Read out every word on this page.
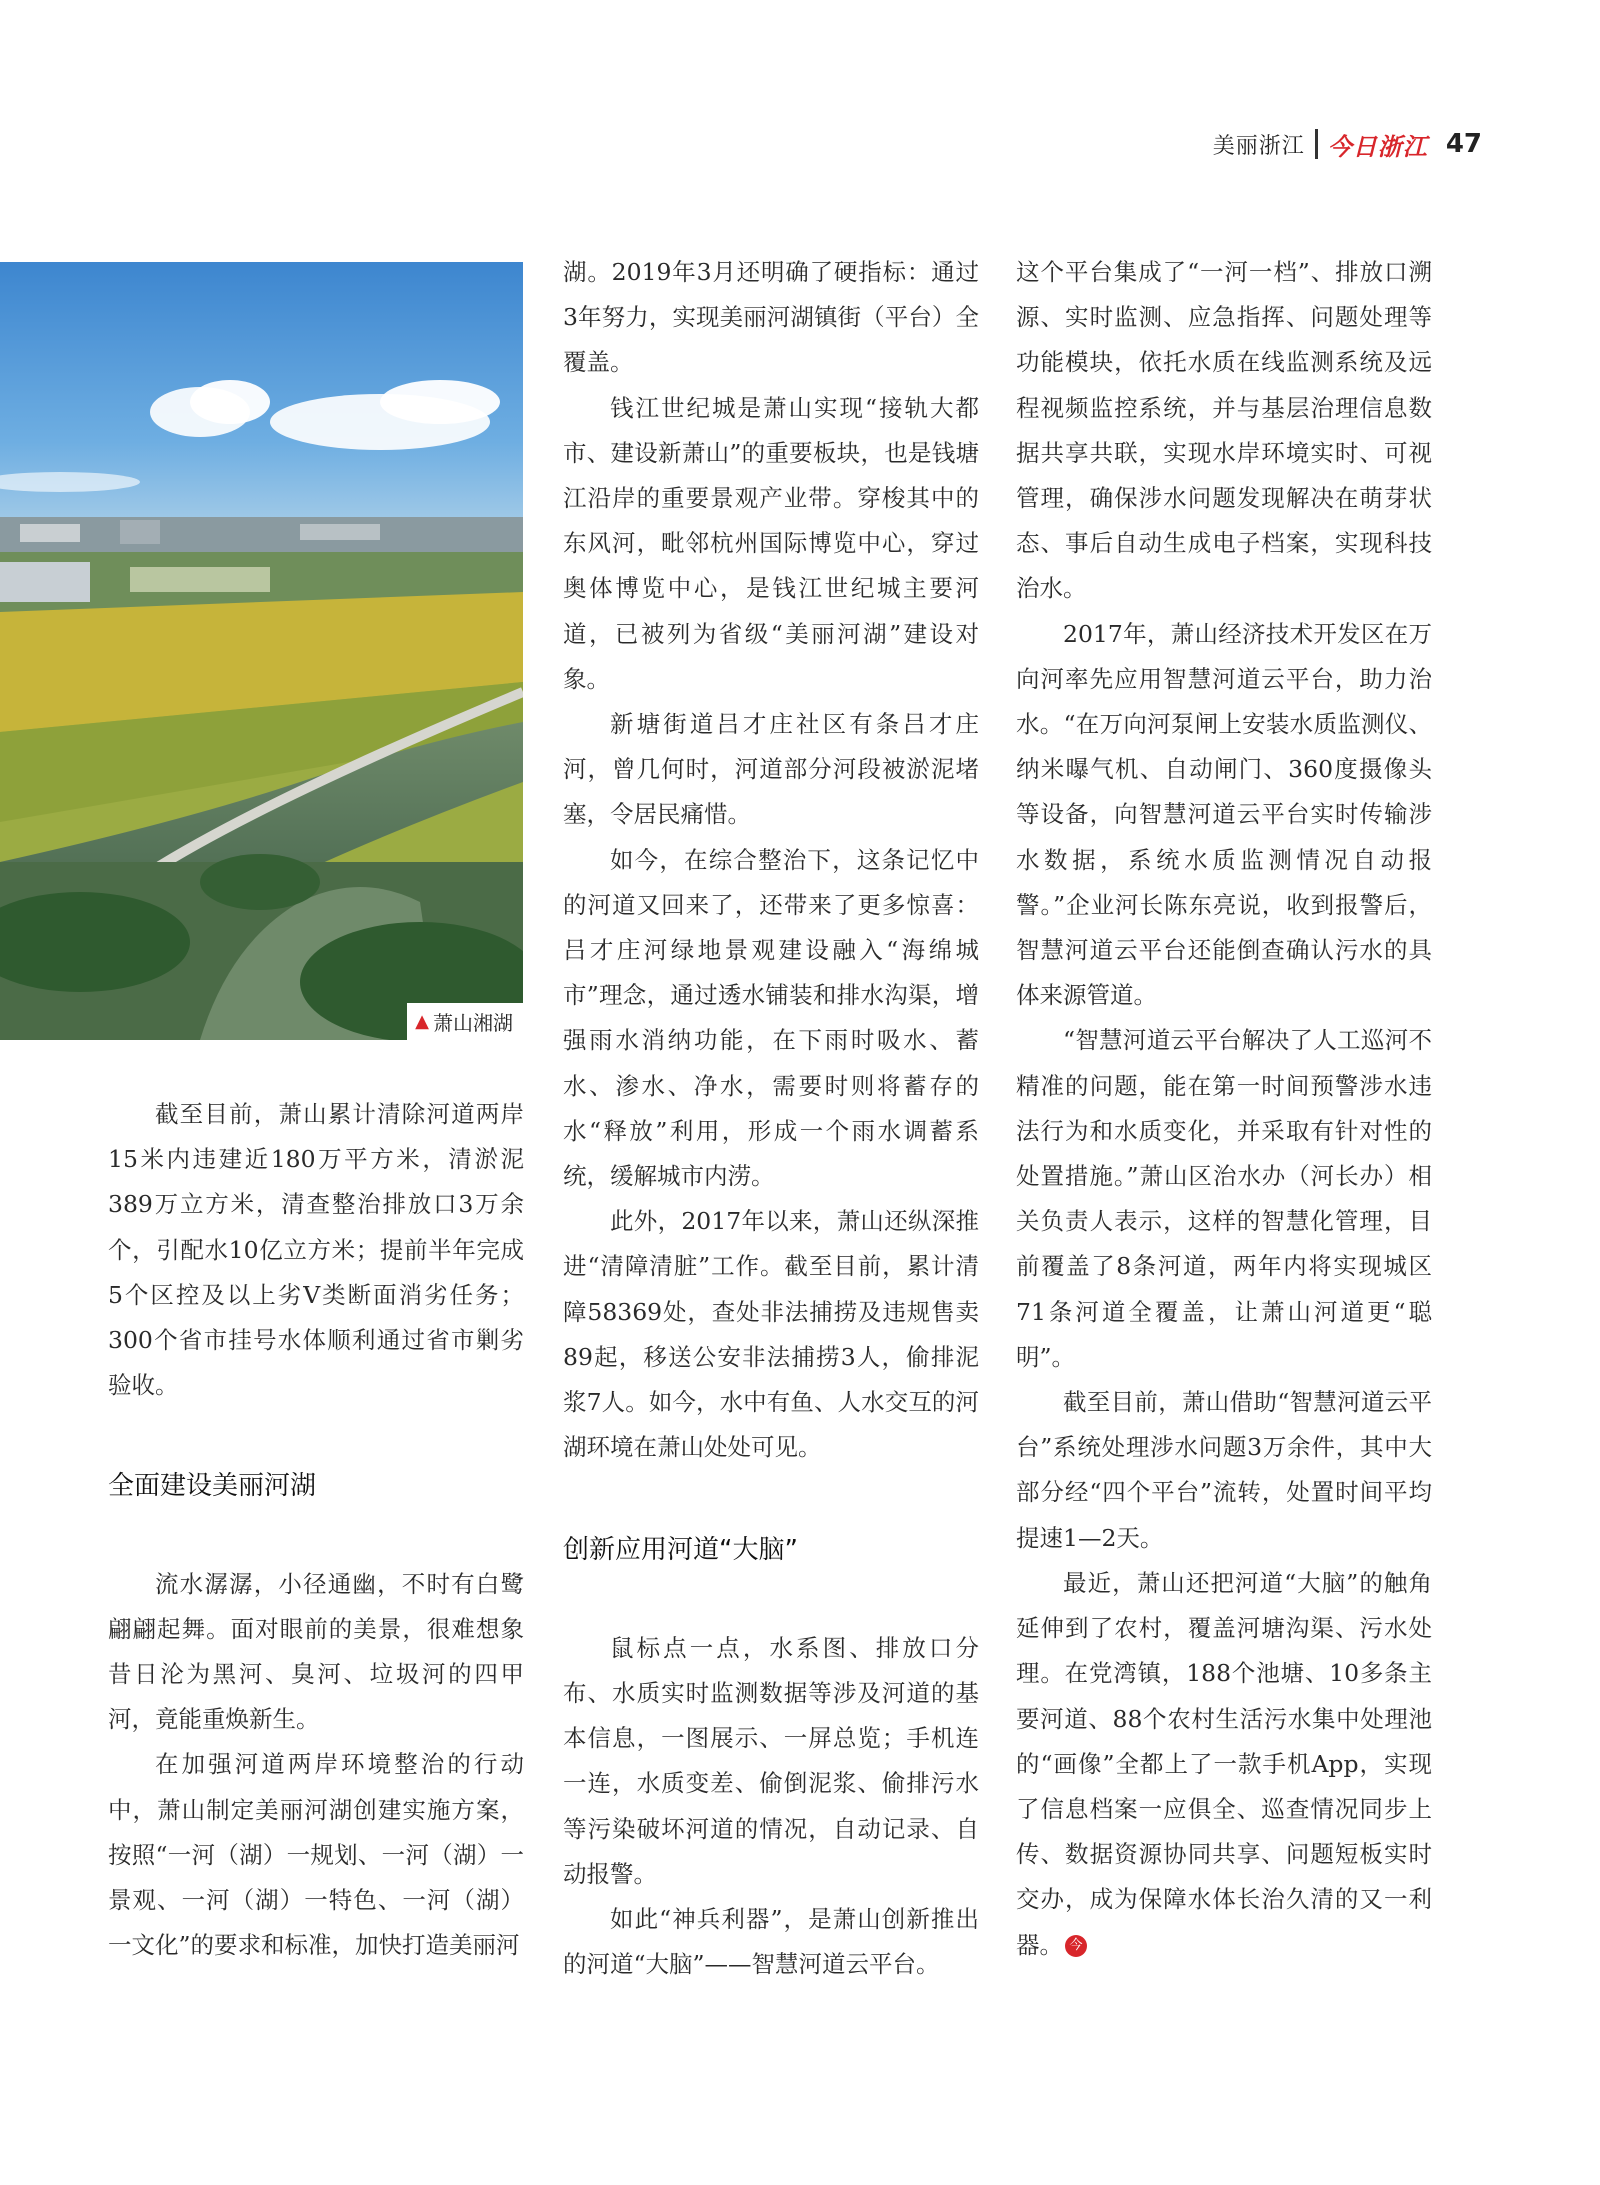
美丽浙江 今日浙江 47
▲ 萧山湘湖

截至目前，萧山累计清除河道两岸15米内违建近180万平方米，清淤泥389万立方米，清查整治排放口3万余个，引配水10亿立方米；提前半年完成5个区控及以上劣Ⅴ类断面消劣任务；300个省市挂号水体顺利通过省市剿劣验收。

全面建设美丽河湖

流水潺潺，小径通幽，不时有白鹭翩翩起舞。面对眼前的美景，很难想象昔日沦为黑河、臭河、垃圾河的四甲河，竟能重焕新生。

在加强河道两岸环境整治的行动中，萧山制定美丽河湖创建实施方案，按照“一河（湖）一规划、一河（湖）一景观、一河（湖）一特色、一河（湖）一文化”的要求和标准，加快打造美丽河

湖。2019年3月还明确了硬指标：通过3年努力，实现美丽河湖镇街（平台）全覆盖。

钱江世纪城是萧山实现“接轨大都市、建设新萧山”的重要板块，也是钱塘江沿岸的重要景观产业带。穿梭其中的东风河，毗邻杭州国际博览中心，穿过奥体博览中心，是钱江世纪城主要河道，已被列为省级“美丽河湖”建设对象。

新塘街道吕才庄社区有条吕才庄河，曾几何时，河道部分河段被淤泥堵塞，令居民痛惜。

如今，在综合整治下，这条记忆中的河道又回来了，还带来了更多惊喜：吕才庄河绿地景观建设融入“海绵城市”理念，通过透水铺装和排水沟渠，增强雨水消纳功能，在下雨时吸水、蓄水、渗水、净水，需要时则将蓄存的水“释放”利用，形成一个雨水调蓄系统，缓解城市内涝。

此外，2017年以来，萧山还纵深推进“清障清脏”工作。截至目前，累计清障58369处，查处非法捕捞及违规售卖89起，移送公安非法捕捞3人，偷排泥浆7人。如今，水中有鱼、人水交互的河湖环境在萧山处处可见。

创新应用河道“大脑”

鼠标点一点，水系图、排放口分布、水质实时监测数据等涉及河道的基本信息，一图展示、一屏总览；手机连一连，水质变差、偷倒泥浆、偷排污水等污染破坏河道的情况，自动记录、自动报警。

如此“神兵利器”，是萧山创新推出的河道“大脑”——智慧河道云平台。

这个平台集成了“一河一档”、排放口溯源、实时监测、应急指挥、问题处理等功能模块，依托水质在线监测系统及远程视频监控系统，并与基层治理信息数据共享共联，实现水岸环境实时、可视管理，确保涉水问题发现解决在萌芽状态、事后自动生成电子档案，实现科技治水。

2017年，萧山经济技术开发区在万向河率先应用智慧河道云平台，助力治水。“在万向河泵闸上安装水质监测仪、纳米曝气机、自动闸门、360度摄像头等设备，向智慧河道云平台实时传输涉水数据，系统水质监测情况自动报警。”企业河长陈东亮说，收到报警后，智慧河道云平台还能倒查确认污水的具体来源管道。

“智慧河道云平台解决了人工巡河不精准的问题，能在第一时间预警涉水违法行为和水质变化，并采取有针对性的处置措施。”萧山区治水办（河长办）相关负责人表示，这样的智慧化管理，目前覆盖了8条河道，两年内将实现城区71条河道全覆盖，让萧山河道更“聪明”。

截至目前，萧山借助“智慧河道云平台”系统处理涉水问题3万余件，其中大部分经“四个平台”流转，处置时间平均提速1—2天。

最近，萧山还把河道“大脑”的触角延伸到了农村，覆盖河塘沟渠、污水处理。在党湾镇，188个池塘、10多条主要河道、88个农村生活污水集中处理池的“画像”全都上了一款手机App，实现了信息档案一应俱全、巡查情况同步上传、数据资源协同共享、问题短板实时交办，成为保障水体长治久清的又一利器。 今
